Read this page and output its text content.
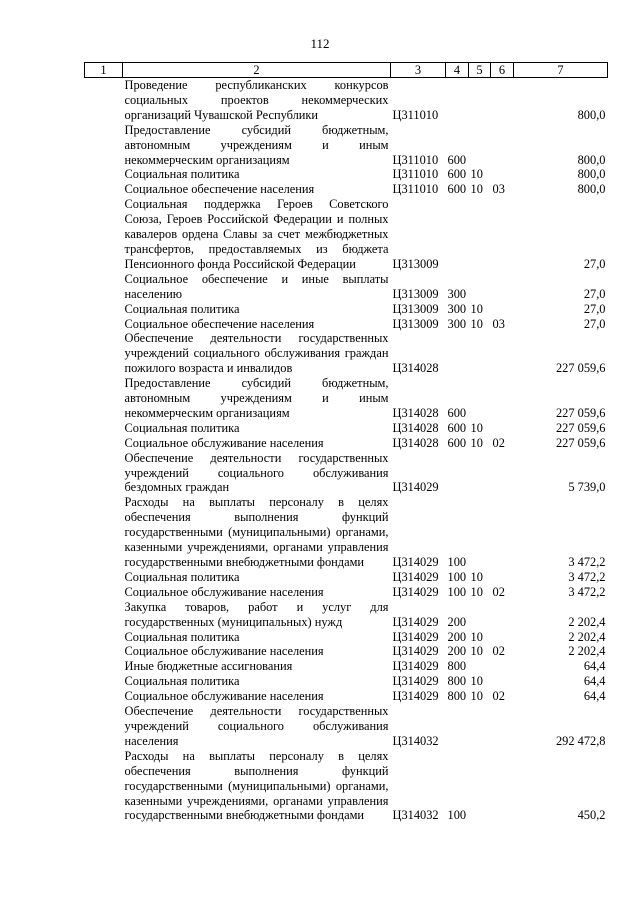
112
1	2	3	4	5	6	7
	Проведение республиканских конкурсов социальных проектов некоммерческих организаций Чувашской Республики	Ц311010				800,0
	Предоставление субсидий бюджетным, автономным учреждениям и иным некоммерческим организациям	Ц311010	600			800,0
	Социальная политика	Ц311010	600	10		800,0
	Социальное обеспечение населения	Ц311010	600	10	03	800,0
	Социальная поддержка Героев Советского Союза, Героев Российской Федерации и полных кавалеров ордена Славы за счет межбюджетных трансфертов, предоставляемых из бюджета Пенсионного фонда Российской Федерации	Ц313009				27,0
	Социальное обеспечение и иные выплаты населению	Ц313009	300			27,0
	Социальная политика	Ц313009	300	10		27,0
	Социальное обеспечение населения	Ц313009	300	10	03	27,0
	Обеспечение деятельности государственных учреждений социального обслуживания граждан пожилого возраста и инвалидов	Ц314028				227 059,6
	Предоставление субсидий бюджетным, автономным учреждениям и иным некоммерческим организациям	Ц314028	600			227 059,6
	Социальная политика	Ц314028	600	10		227 059,6
	Социальное обслуживание населения	Ц314028	600	10	02	227 059,6
	Обеспечение деятельности государственных учреждений социального обслуживания бездомных граждан	Ц314029				5 739,0
	Расходы на выплаты персоналу в целях обеспечения выполнения функций государственными (муниципальными) органами, казенными учреждениями, органами управления государственными внебюджетными фондами	Ц314029	100			3 472,2
	Социальная политика	Ц314029	100	10		3 472,2
	Социальное обслуживание населения	Ц314029	100	10	02	3 472,2
	Закупка товаров, работ и услуг для государственных (муниципальных) нужд	Ц314029	200			2 202,4
	Социальная политика	Ц314029	200	10		2 202,4
	Социальное обслуживание населения	Ц314029	200	10	02	2 202,4
	Иные бюджетные ассигнования	Ц314029	800			64,4
	Социальная политика	Ц314029	800	10		64,4
	Социальное обслуживание населения	Ц314029	800	10	02	64,4
	Обеспечение деятельности государственных учреждений социального обслуживания населения	Ц314032				292 472,8
	Расходы на выплаты персоналу в целях обеспечения выполнения функций государственными (муниципальными) органами, казенными учреждениями, органами управления государственными внебюджетными фондами	Ц314032	100			450,2
